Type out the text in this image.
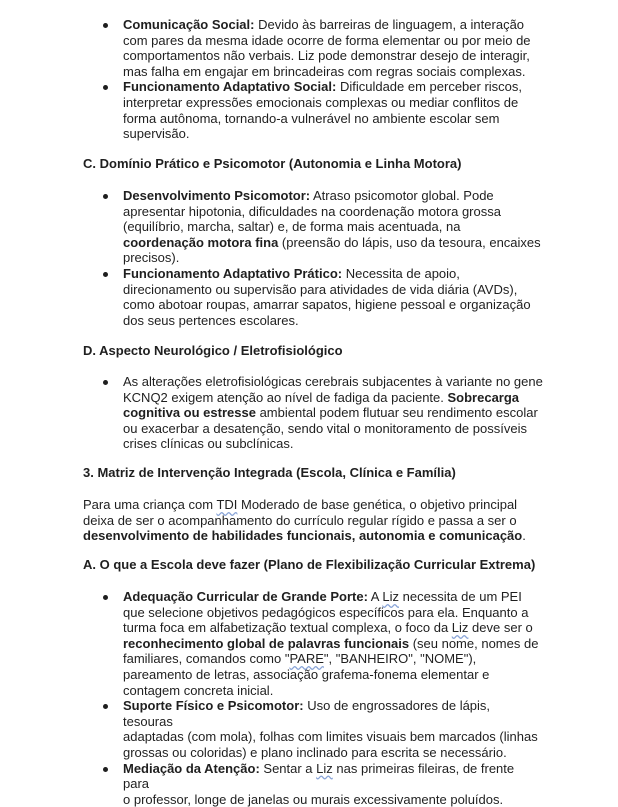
Comunicação Social: Devido às barreiras de linguagem, a interação
com pares da mesma idade ocorre de forma elementar ou por meio de
comportamentos não verbais. Liz pode demonstrar desejo de interagir,
mas falha em engajar em brincadeiras com regras sociais complexas.

Funcionamento Adaptativo Social: Dificuldade em perceber riscos,
interpretar expressões emocionais complexas ou mediar conflitos de
forma autônoma, tornando-a vulnerável no ambiente escolar sem
supervisão.

C. Domínio Prático e Psicomotor (Autonomia e Linha Motora)

Desenvolvimento Psicomotor: Atraso psicomotor global. Pode
apresentar hipotonia, dificuldades na coordenação motora grossa
(equilíbrio, marcha, saltar) e, de forma mais acentuada, na
coordenação motora fina (preensão do lápis, uso da tesoura, encaixes
precisos).

Funcionamento Adaptativo Prático: Necessita de apoio,
direcionamento ou supervisão para atividades de vida diária (AVDs),
como abotoar roupas, amarrar sapatos, higiene pessoal e organização
dos seus pertences escolares.

D. Aspecto Neurológico / Eletrofisiológico

As alterações eletrofisiológicas cerebrais subjacentes à variante no gene
KCNQ2 exigem atenção ao nível de fadiga da paciente. Sobrecarga
cognitiva ou estresse ambiental podem flutuar seu rendimento escolar
ou exacerbar a desatenção, sendo vital o monitoramento de possíveis
crises clínicas ou subclínicas.

3. Matriz de Intervenção Integrada (Escola, Clínica e Família)

Para uma criança com TDI Moderado de base genética, o objetivo principal
deixa de ser o acompanhamento do currículo regular rígido e passa a ser o
desenvolvimento de habilidades funcionais, autonomia e comunicação.

A. O que a Escola deve fazer (Plano de Flexibilização Curricular Extrema)

Adequação Curricular de Grande Porte: A Liz necessita de um PEI
que selecione objetivos pedagógicos específicos para ela. Enquanto a
turma foca em alfabetização textual complexa, o foco da Liz deve ser o
reconhecimento global de palavras funcionais (seu nome, nomes de
familiares, comandos como "PARE", "BANHEIRO", "NOME"),
pareamento de letras, associação grafema-fonema elementar e
contagem concreta inicial.

Suporte Físico e Psicomotor: Uso de engrossadores de lápis, tesouras
adaptadas (com mola), folhas com limites visuais bem marcados (linhas
grossas ou coloridas) e plano inclinado para escrita se necessário.

Mediação da Atenção: Sentar a Liz nas primeiras fileiras, de frente para
o professor, longe de janelas ou murais excessivamente poluídos.
